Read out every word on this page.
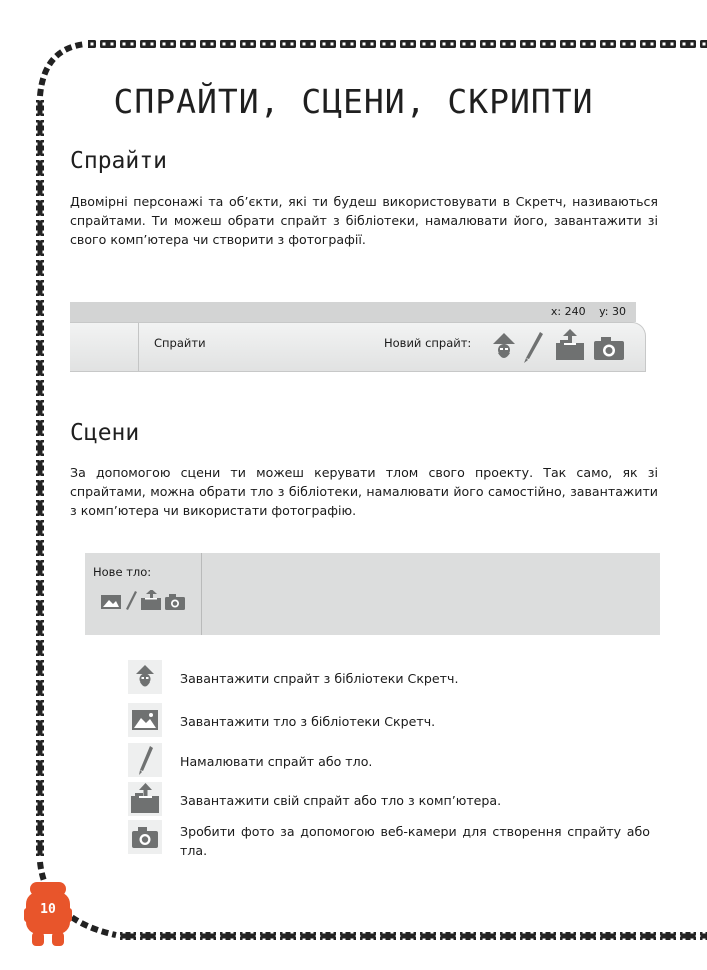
СПРАЙТИ, СЦЕНИ, СКРИПТИ
Спрайти
Двомірні персонажі та об’єкти, які ти будеш використовувати в Скретч, називаються спрайтами. Ти можеш обрати спрайт з бібліотеки, намалювати його, завантажити зі свого комп’ютера чи створити з фотографії.
x: 240 y: 30
Спрайти	Новий спрайт:
Сцени
За допомогою сцени ти можеш керувати тлом свого проекту. Так само, як зі спрайтами, можна обрати тло з бібліотеки, намалювати його самостійно, завантажити з комп’ютера чи використати фотографію.
Нове тло:
Завантажити спрайт з бібліотеки Скретч.
Завантажити тло з бібліотеки Скретч.
Намалювати спрайт або тло.
Завантажити свій спрайт або тло з комп’ютера.
Зробити фото за допомогою веб-камери для створення спрайту або тла.
10
